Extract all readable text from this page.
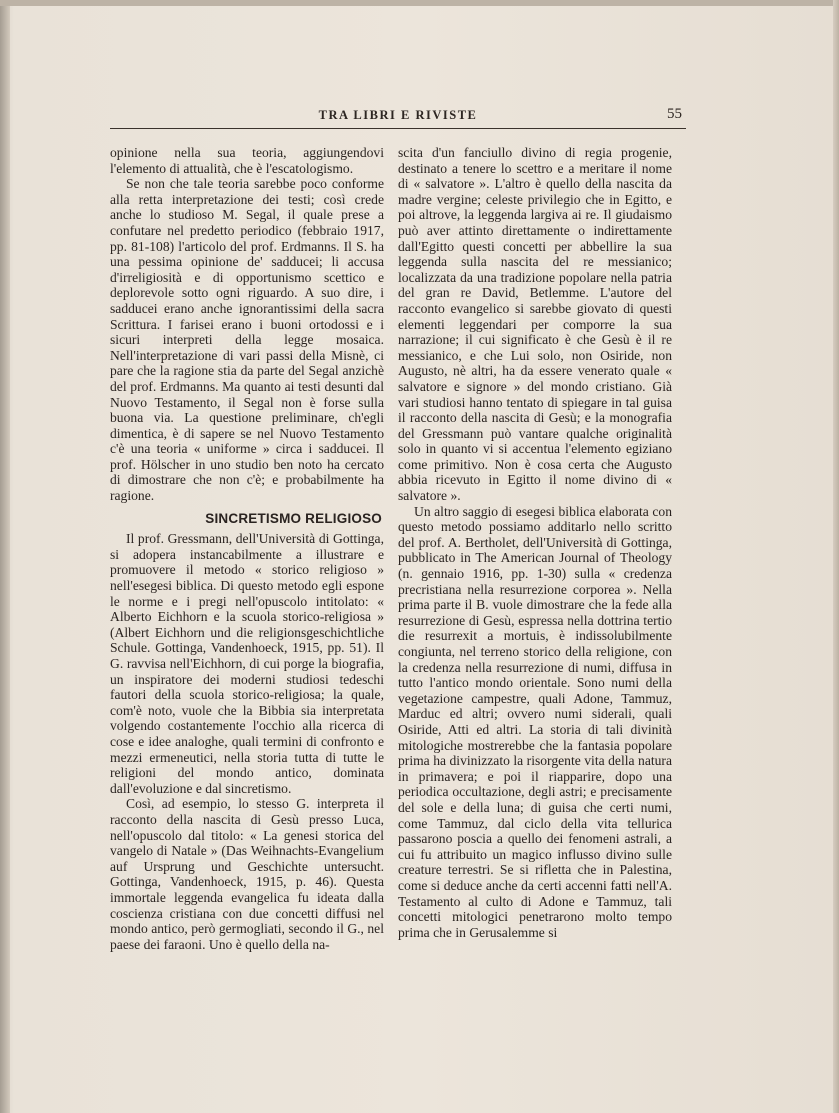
TRA LIBRI E RIVISTE	55

opinione nella sua teoria, aggiungendovi l'elemento di attualità, che è l'escatologismo.

Se non che tale teoria sarebbe poco conforme alla retta interpretazione dei testi; così crede anche lo studioso M. Segal, il quale prese a confutare nel predetto periodico (febbraio 1917, pp. 81-108) l'articolo del prof. Erdmanns. Il S. ha una pessima opinione de' sadducei; li accusa d'irreligiosità e di opportunismo scettico e deplorevole sotto ogni riguardo. A suo dire, i sadducei erano anche ignorantissimi della sacra Scrittura. I farisei erano i buoni ortodossi e i sicuri interpreti della legge mosaica. Nell'interpretazione di vari passi della Misnè, ci pare che la ragione stia da parte del Segal anzichè del prof. Erdmanns. Ma quanto ai testi desunti dal Nuovo Testamento, il Segal non è forse sulla buona via. La questione preliminare, ch'egli dimentica, è di sapere se nel Nuovo Testamento c'è una teoria « uniforme » circa i sadducei. Il prof. Hölscher in uno studio ben noto ha cercato di dimostrare che non c'è; e probabilmente ha ragione.

SINCRETISMO RELIGIOSO

Il prof. Gressmann, dell'Università di Gottinga, si adopera instancabilmente a illustrare e promuovere il metodo « storico religioso » nell'esegesi biblica. Di questo metodo egli espone le norme e i pregi nell'opuscolo intitolato: « Alberto Eichhorn e la scuola storico-religiosa » (Albert Eichhorn und die religionsgeschichtliche Schule. Gottinga, Vandenhoeck, 1915, pp. 51). Il G. ravvisa nell'Eichhorn, di cui porge la biografia, un inspiratore dei moderni studiosi tedeschi fautori della scuola storico-religiosa; la quale, com'è noto, vuole che la Bibbia sia interpretata volgendo costantemente l'occhio alla ricerca di cose e idee analoghe, quali termini di confronto e mezzi ermeneutici, nella storia tutta di tutte le religioni del mondo antico, dominata dall'evoluzione e dal sincretismo.

Così, ad esempio, lo stesso G. interpreta il racconto della nascita di Gesù presso Luca, nell'opuscolo dal titolo: « La genesi storica del vangelo di Natale » (Das Weihnachts-Evangelium auf Ursprung und Geschichte untersucht. Gottinga, Vandenhoeck, 1915, p. 46). Questa immortale leggenda evangelica fu ideata dalla coscienza cristiana con due concetti diffusi nel mondo antico, però germogliati, secondo il G., nel paese dei faraoni. Uno è quello della na-

scita d'un fanciullo divino di regia progenie, destinato a tenere lo scettro e a meritare il nome di « salvatore ». L'altro è quello della nascita da madre vergine; celeste privilegio che in Egitto, e poi altrove, la leggenda largiva ai re. Il giudaismo può aver attinto direttamente o indirettamente dall'Egitto questi concetti per abbellire la sua leggenda sulla nascita del re messianico; localizzata da una tradizione popolare nella patria del gran re David, Betlemme. L'autore del racconto evangelico si sarebbe giovato di questi elementi leggendari per comporre la sua narrazione; il cui significato è che Gesù è il re messianico, e che Lui solo, non Osiride, non Augusto, nè altri, ha da essere venerato quale « salvatore e signore » del mondo cristiano. Già vari studiosi hanno tentato di spiegare in tal guisa il racconto della nascita di Gesù; e la monografia del Gressmann può vantare qualche originalità solo in quanto vi si accentua l'elemento egiziano come primitivo. Non è cosa certa che Augusto abbia ricevuto in Egitto il nome divino di « salvatore ».

Un altro saggio di esegesi biblica elaborata con questo metodo possiamo additarlo nello scritto del prof. A. Bertholet, dell'Università di Gottinga, pubblicato in The American Journal of Theology (n. gennaio 1916, pp. 1-30) sulla « credenza precristiana nella resurrezione corporea ». Nella prima parte il B. vuole dimostrare che la fede alla resurrezione di Gesù, espressa nella dottrina tertio die resurrexit a mortuis, è indissolubilmente congiunta, nel terreno storico della religione, con la credenza nella resurrezione di numi, diffusa in tutto l'antico mondo orientale. Sono numi della vegetazione campestre, quali Adone, Tammuz, Marduc ed altri; ovvero numi siderali, quali Osiride, Atti ed altri. La storia di tali divinità mitologiche mostrerebbe che la fantasia popolare prima ha divinizzato la risorgente vita della natura in primavera; e poi il riapparire, dopo una periodica occultazione, degli astri; e precisamente del sole e della luna; di guisa che certi numi, come Tammuz, dal ciclo della vita tellurica passarono poscia a quello dei fenomeni astrali, a cui fu attribuito un magico influsso divino sulle creature terrestri. Se si rifletta che in Palestina, come si deduce anche da certi accenni fatti nell'A. Testamento al culto di Adone e Tammuz, tali concetti mitologici penetrarono molto tempo prima che in Gerusalemme si
